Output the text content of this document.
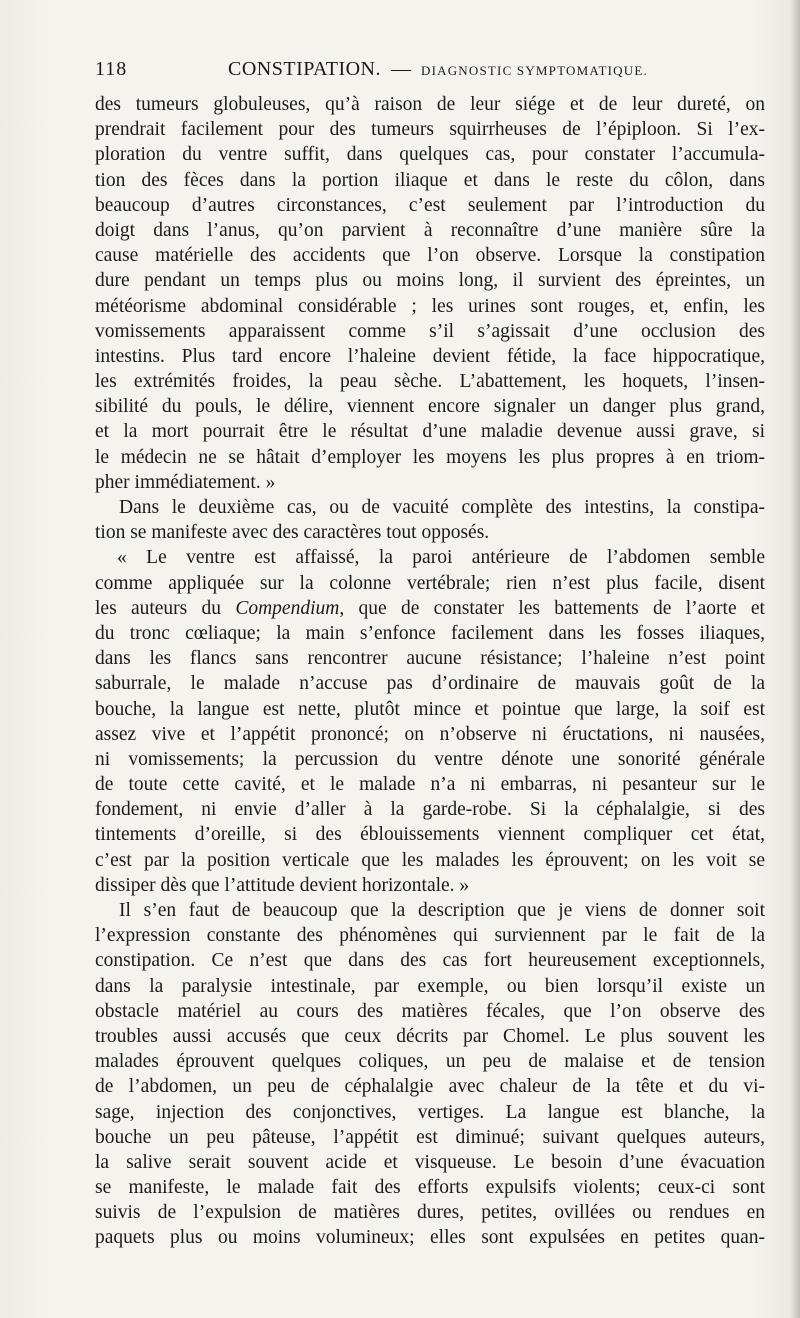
118	CONSTIPATION. — DIAGNOSTIC SYMPTOMATIQUE.
des tumeurs globuleuses, qu’à raison de leur siége et de leur dureté, on
prendrait facilement pour des tumeurs squirrheuses de l’épiploon. Si l’ex-
ploration du ventre suffit, dans quelques cas, pour constater l’accumula-
tion des fèces dans la portion iliaque et dans le reste du côlon, dans
beaucoup d’autres circonstances, c’est seulement par l’introduction du
doigt dans l’anus, qu’on parvient à reconnaître d’une manière sûre la
cause matérielle des accidents que l’on observe. Lorsque la constipation
dure pendant un temps plus ou moins long, il survient des épreintes, un
météorisme abdominal considérable ; les urines sont rouges, et, enfin, les
vomissements apparaissent comme s’il s’agissait d’une occlusion des
intestins. Plus tard encore l’haleine devient fétide, la face hippocratique,
les extrémités froides, la peau sèche. L’abattement, les hoquets, l’insen-
sibilité du pouls, le délire, viennent encore signaler un danger plus grand,
et la mort pourrait être le résultat d’une maladie devenue aussi grave, si
le médecin ne se hâtait d’employer les moyens les plus propres à en triom-
pher immédiatement. »
Dans le deuxième cas, ou de vacuité complète des intestins, la constipa-
tion se manifeste avec des caractères tout opposés.
« Le ventre est affaissé, la paroi antérieure de l’abdomen semble
comme appliquée sur la colonne vertébrale; rien n’est plus facile, disent
les auteurs du Compendium, que de constater les battements de l’aorte et
du tronc cœliaque; la main s’enfonce facilement dans les fosses iliaques,
dans les flancs sans rencontrer aucune résistance; l’haleine n’est point
saburrale, le malade n’accuse pas d’ordinaire de mauvais goût de la
bouche, la langue est nette, plutôt mince et pointue que large, la soif est
assez vive et l’appétit prononcé; on n’observe ni éructations, ni nausées,
ni vomissements; la percussion du ventre dénote une sonorité générale
de toute cette cavité, et le malade n’a ni embarras, ni pesanteur sur le
fondement, ni envie d’aller à la garde-robe. Si la céphalalgie, si des
tintements d’oreille, si des éblouissements viennent compliquer cet état,
c’est par la position verticale que les malades les éprouvent; on les voit se
dissiper dès que l’attitude devient horizontale. »
Il s’en faut de beaucoup que la description que je viens de donner soit
l’expression constante des phénomènes qui surviennent par le fait de la
constipation. Ce n’est que dans des cas fort heureusement exceptionnels,
dans la paralysie intestinale, par exemple, ou bien lorsqu’il existe un
obstacle matériel au cours des matières fécales, que l’on observe des
troubles aussi accusés que ceux décrits par Chomel. Le plus souvent les
malades éprouvent quelques coliques, un peu de malaise et de tension
de l’abdomen, un peu de céphalalgie avec chaleur de la tête et du vi-
sage, injection des conjonctives, vertiges. La langue est blanche, la
bouche un peu pâteuse, l’appétit est diminué; suivant quelques auteurs,
la salive serait souvent acide et visqueuse. Le besoin d’une évacuation
se manifeste, le malade fait des efforts expulsifs violents; ceux-ci sont
suivis de l’expulsion de matières dures, petites, ovillées ou rendues en
paquets plus ou moins volumineux; elles sont expulsées en petites quan-
